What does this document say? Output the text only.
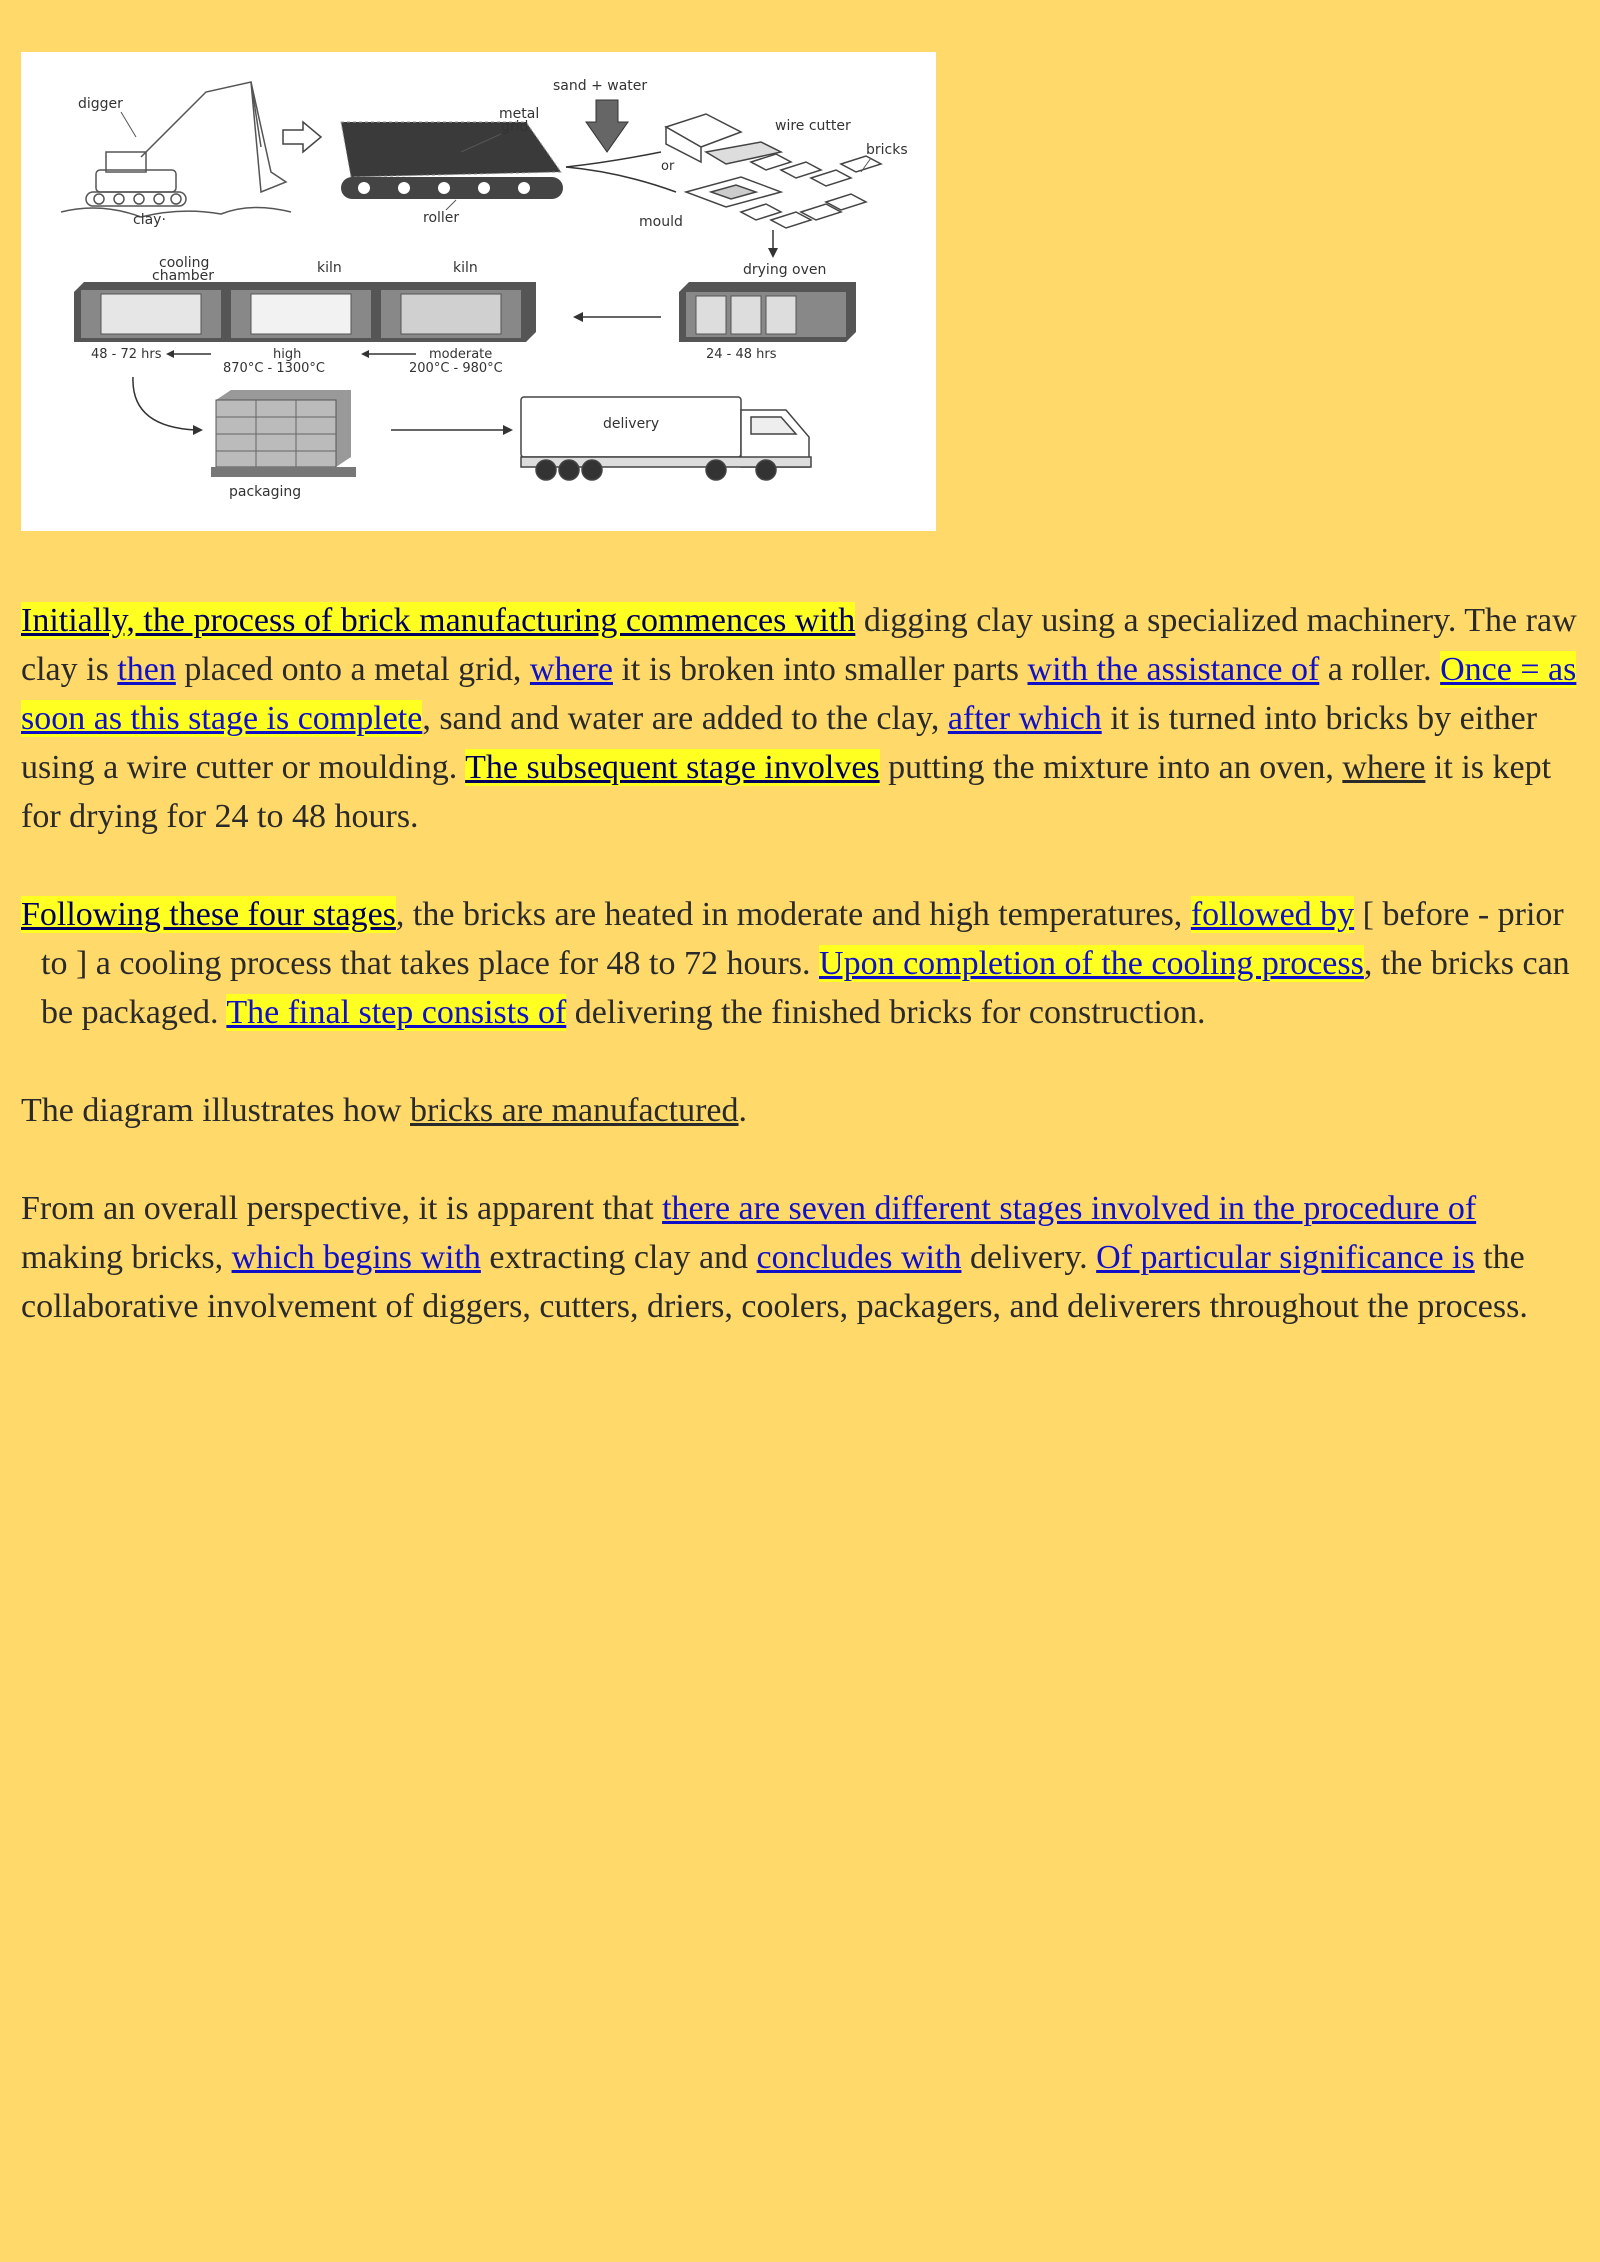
digger
clay·
metal
grid
roller
sand + water
or
wire cutter
bricks
mould
drying oven
24 - 48 hrs
cooling
chamber	kiln	kiln
48 - 72 hrs	high
870°C - 1300°C
moderate
200°C - 980°C
packaging
delivery

Initially, the process of brick manufacturing commences with digging clay using a specialized machinery. The raw clay is then placed onto a metal grid, where it is broken into smaller parts with the assistance of a roller. Once = as soon as this stage is complete, sand and water are added to the clay, after which it is turned into bricks by either using a wire cutter or moulding. The subsequent stage involves putting the mixture into an oven, where it is kept for drying for 24 to 48 hours.

Following these four stages, the bricks are heated in moderate and high temperatures, followed by [ before - prior to ] a cooling process that takes place for 48 to 72 hours. Upon completion of the cooling process, the bricks can be packaged. The final step consists of delivering the finished bricks for construction.

The diagram illustrates how bricks are manufactured.

From an overall perspective, it is apparent that there are seven different stages involved in the procedure of making bricks, which begins with extracting clay and concludes with delivery. Of particular significance is the collaborative involvement of diggers, cutters, driers, coolers, packagers, and deliverers throughout the process.
